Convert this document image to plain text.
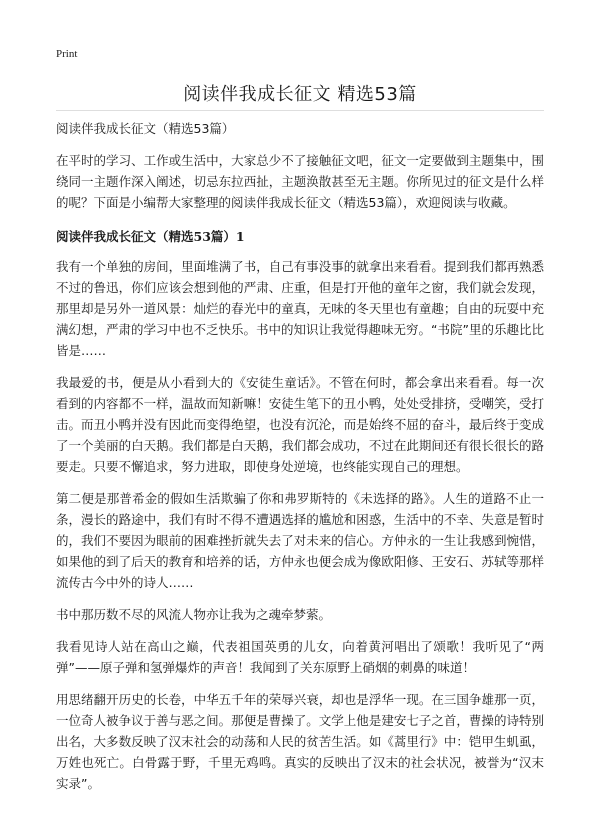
Print
阅读伴我成长征文 精选53篇
阅读伴我成长征文（精选53篇）

在平时的学习、工作或生活中，大家总少不了接触征文吧，征文一定要做到主题集中，围绕同一主题作深入阐述，切忌东拉西扯，主题涣散甚至无主题。你所见过的征文是什么样的呢？下面是小编帮大家整理的阅读伴我成长征文（精选53篇），欢迎阅读与收藏。

阅读伴我成长征文（精选53篇）1

我有一个单独的房间，里面堆满了书，自己有事没事的就拿出来看看。提到我们都再熟悉不过的鲁迅，你们应该会想到他的严肃、庄重，但是打开他的童年之窗，我们就会发现，那里却是另外一道风景：灿烂的春光中的童真，无味的冬天里也有童趣；自由的玩耍中充满幻想，严肃的学习中也不乏快乐。书中的知识让我觉得趣味无穷。“书院”里的乐趣比比皆是……

我最爱的书，便是从小看到大的《安徒生童话》。不管在何时，都会拿出来看看。每一次看到的内容都不一样，温故而知新嘛！安徒生笔下的丑小鸭，处处受排挤，受嘲笑，受打击。而丑小鸭并没有因此而变得绝望，也没有沉沦，而是始终不屈的奋斗，最后终于变成了一个美丽的白天鹅。我们都是白天鹅，我们都会成功，不过在此期间还有很长很长的路要走。只要不懈追求，努力进取，即使身处逆境，也终能实现自己的理想。

第二便是那普希金的假如生活欺骗了你和弗罗斯特的《未选择的路》。人生的道路不止一条，漫长的路途中，我们有时不得不遭遇选择的尴尬和困惑，生活中的不幸、失意是暂时的，我们不要因为眼前的困难挫折就失去了对未来的信心。方仲永的一生让我感到惋惜，如果他的到了后天的教育和培养的话，方仲永也便会成为像欧阳修、王安石、苏轼等那样流传古今中外的诗人……

书中那历数不尽的风流人物亦让我为之魂牵梦萦。

我看见诗人站在高山之巅，代表祖国英勇的儿女，向着黄河唱出了颂歌！我听见了“两弹”——原子弹和氢弹爆炸的声音！我闻到了关东原野上硝烟的刺鼻的味道！

用思绪翻开历史的长卷，中华五千年的荣辱兴衰，却也是浮华一现。在三国争雄那一页，一位奇人被争议于善与恶之间。那便是曹操了。文学上他是建安七子之首，曹操的诗特别出名，大多数反映了汉末社会的动荡和人民的贫苦生活。如《蒿里行》中：铠甲生虮虱，万姓也死亡。白骨露于野，千里无鸡鸣。真实的反映出了汉末的社会状况，被誉为“汉末实录”。
